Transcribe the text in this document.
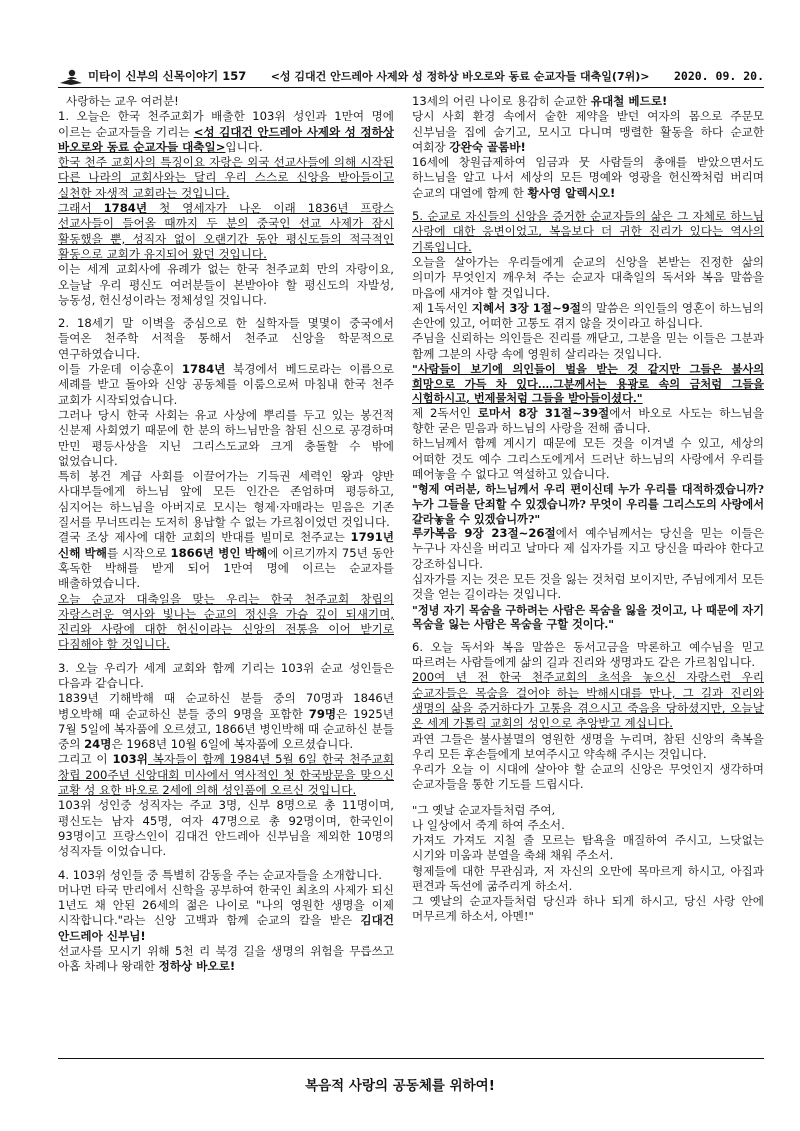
미타이 신부의 신목이야기 157	<성 김대건 안드레아 사제와 성 정하상 바오로와 동료 순교자들 대축일(7위)>	2020. 09. 20.

사랑하는 교우 여러분!

1. 오늘은 한국 천주교회가 배출한 103위 성인과 1만여 명에 이르는 순교자들을 기리는 <성 김대건 안드레아 사제와 성 정하상 바오로와 동료 순교자들 대축일>입니다.

한국 천주 교회사의 특징이요 자랑은 외국 선교사들에 의해 시작된 다른 나라의 교회사와는 달리 우리 스스로 신앙을 받아들이고 실천한 자생적 교회라는 것입니다.

그래서 1784년 첫 영세자가 나온 이래 1836년 프랑스 선교사들이 들어올 때까지 두 분의 중국인 선교 사제가 잠시 활동했을 뿐, 성직자 없이 오랜기간 동안 평신도들의 적극적인 활동으로 교회가 유지되어 왔던 것입니다.

이는 세계 교회사에 유례가 없는 한국 천주교회 만의 자랑이요, 오늘날 우리 평신도 여러분들이 본받아야 할 평신도의 자발성, 능동성, 헌신성이라는 정체성일 것입니다.

2. 18세기 말 이벽을 중심으로 한 실학자들 몇몇이 중국에서 들여온 천주학 서적을 통해서 천주교 신앙을 학문적으로 연구하였습니다.

이들 가운데 이승훈이 1784년 북경에서 베드로라는 이름으로 세례를 받고 돌아와 신앙 공동체를 이룸으로써 마침내 한국 천주 교회가 시작되었습니다.

그러나 당시 한국 사회는 유교 사상에 뿌리를 두고 있는 봉건적 신분제 사회였기 때문에 한 분의 하느님만을 참된 신으로 공경하며 만민 평등사상을 지닌 그리스도교와 크게 충돌할 수 밖에 없었습니다.

특히 봉건 계급 사회를 이끌어가는 기득권 세력인 왕과 양반 사대부들에게 하느님 앞에 모든 인간은 존엄하며 평등하고, 심지어는 하느님을 아버지로 모시는 형제·자매라는 믿음은 기존 질서를 무너뜨리는 도저히 용납할 수 없는 가르침이었던 것입니다.

결국 조상 제사에 대한 교회의 반대를 빌미로 천주교는 1791년 신해 박해를 시작으로 1866년 병인 박해에 이르기까지 75년 동안 혹독한 박해를 받게 되어 1만여 명에 이르는 순교자를 배출하였습니다.

오늘 순교자 대축일을 맞는 우리는 한국 천주교회 창립의 자랑스러운 역사와 빛나는 순교의 정신을 가슴 깊이 되새기며, 진리와 사랑에 대한 헌신이라는 신앙의 전통을 이어 받기로 다짐해야 할 것입니다.

3. 오늘 우리가 세계 교회와 함께 기리는 103위 순교 성인들은 다음과 같습니다.

1839년 기해박해 때 순교하신 분들 중의 70명과 1846년 병오박해 때 순교하신 분들 중의 9명을 포함한 79명은 1925년 7월 5일에 복자품에 오르셨고, 1866년 병인박해 때 순교하신 분들 중의 24명은 1968년 10월 6일에 복자품에 오르셨습니다.

그리고 이 103위 복자들이 함께 1984년 5월 6일 한국 천주교회 창립 200주년 신앙대회 미사에서 역사적인 첫 한국방문을 맞으신 교황 성 요한 바오로 2세에 의해 성인품에 오르신 것입니다.

103위 성인중 성직자는 주교 3명, 신부 8명으로 총 11명이며, 평신도는 남자 45명, 여자 47명으로 총 92명이며, 한국인이 93명이고 프랑스인이 김대건 안드레아 신부님을 제외한 10명의 성직자들 이었습니다.

4. 103위 성인들 중 특별히 감동을 주는 순교자들을 소개합니다.

머나먼 타국 만리에서 신학을 공부하여 한국인 최초의 사제가 되신 1년도 채 안된 26세의 젊은 나이로 "나의 영원한 생명을 이제 시작합니다."라는 신앙 고백과 함께 순교의 칼을 받은 김대건 안드레아 신부님!

선교사를 모시기 위해 5천 리 북경 길을 생명의 위험을 무릅쓰고 아홉 차례나 왕래한 정하상 바오로!

13세의 어린 나이로 용감히 순교한 유대철 베드로!

당시 사회 환경 속에서 숱한 제약을 받던 여자의 몸으로 주문모 신부님을 집에 숨기고, 모시고 다니며 맹렬한 활동을 하다 순교한 여회장 강완숙 골롬바!

16세에 창원급제하여 임금과 뭇 사람들의 총애를 받았으면서도 하느님을 알고 나서 세상의 모든 명예와 영광을 헌신짝처럼 버리며 순교의 대열에 함께 한 황사영 알렉시오!

5. 순교로 자신들의 신앙을 증거한 순교자들의 삶은 그 자체로 하느님 사랑에 대한 응변이었고, 복음보다 더 귀한 진리가 있다는 역사의 기록입니다.

오늘을 살아가는 우리들에게 순교의 신앙을 본받는 진정한 삶의 의미가 무엇인지 깨우쳐 주는 순교자 대축일의 독서와 복음 말씀을 마음에 새겨야 할 것입니다.

제 1독서인 지혜서 3장 1절~9절의 말씀은 의인들의 영혼이 하느님의 손안에 있고, 어떠한 고통도 겪지 않을 것이라고 하십니다.

주님을 신뢰하는 의인들은 진리를 깨닫고, 그분을 믿는 이들은 그분과 함께 그분의 사랑 속에 영원히 살리라는 것입니다.

"사람들이 보기에 의인들이 벌을 받는 것 같지만 그들은 불사의 희망으로 가득 차 있다.…그분께서는 용광로 속의 금처럼 그들을 시험하시고, 번제물처럼 그들을 받아들이셨다."

제 2독서인 로마서 8장 31절~39절에서 바오로 사도는 하느님을 향한 굳은 믿음과 하느님의 사랑을 전해 줍니다.

하느님께서 함께 계시기 때문에 모든 것을 이겨낼 수 있고, 세상의 어떠한 것도 예수 그리스도에게서 드러난 하느님의 사랑에서 우리를 떼어놓을 수 없다고 역설하고 있습니다.

"형제 여러분, 하느님께서 우리 편이신데 누가 우리를 대적하겠습니까? 누가 그들을 단죄할 수 있겠습니까? 무엇이 우리를 그리스도의 사랑에서 갈라놓을 수 있겠습니까?"

루카복음 9장 23절~26절에서 예수님께서는 당신을 믿는 이들은 누구나 자신을 버리고 날마다 제 십자가를 지고 당신을 따라야 한다고 강조하십니다.

십자가를 지는 것은 모든 것을 잃는 것처럼 보이지만, 주님에게서 모든 것을 얻는 길이라는 것입니다.

"정녕 자기 목숨을 구하려는 사람은 목숨을 잃을 것이고, 나 때문에 자기 목숨을 잃는 사람은 목숨을 구할 것이다."

6. 오늘 독서와 복음 말씀은 동서고금을 막론하고 예수님을 믿고 따르려는 사람들에게 삶의 길과 진리와 생명과도 같은 가르침입니다.

200여 년 전 한국 천주교회의 초석을 놓으신 자랑스런 우리 순교자들은 목숨을 걸어야 하는 박해시대를 만나, 그 길과 진리와 생명의 삶을 증거하다가 고통을 겪으시고 죽음을 당하셨지만, 오늘날 온 세계 가톨릭 교회의 성인으로 추앙받고 계십니다.

과연 그들은 불사불멸의 영원한 생명을 누리며, 참된 신앙의 축복을 우리 모든 후손들에게 보여주시고 약속해 주시는 것입니다.

우리가 오늘 이 시대에 살아야 할 순교의 신앙은 무엇인지 생각하며 순교자들을 통한 기도를 드립시다.

"그 옛날 순교자들처럼 주여,

나 일상에서 죽게 하여 주소서.

가져도 가져도 지칠 줄 모르는 탐욕을 매질하여 주시고, 느닷없는 시기와 미움과 분열을 축쇄 채워 주소서.

형제들에 대한 무관심과, 저 자신의 오만에 목마르게 하시고, 아집과 편견과 독선에 굶주리게 하소서.

그 옛날의 순교자들처럼 당신과 하나 되게 하시고, 당신 사랑 안에 머무르게 하소서, 아멘!"

복음적 사랑의 공동체를 위하여!
